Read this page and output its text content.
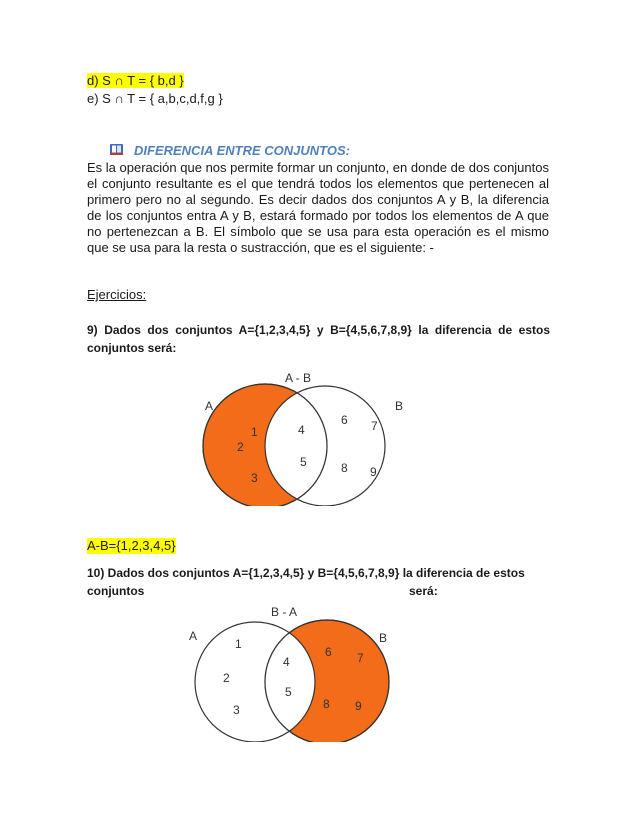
d) S ∩ T = { b,d }
e) S ∩ T = { a,b,c,d,f,g }
DIFERENCIA ENTRE CONJUNTOS:

Es la operación que nos permite formar un conjunto, en donde de dos conjuntos el conjunto resultante es el que tendrá todos los elementos que pertenecen al primero pero no al segundo. Es decir dados dos conjuntos A y B, la diferencia de los conjuntos entra A y B, estará formado por todos los elementos de A que no pertenezcan a B. El símbolo que se usa para esta operación es el mismo que se usa para la resta o sustracción, que es el siguiente: -

Ejercicios:

9) Dados dos conjuntos A={1,2,3,4,5} y B={4,5,6,7,8,9} la diferencia de estos conjuntos será:

A - B
A	B
1
2
3
4
5
6 7
8 9
A-B={1,2,3,4,5}
10) Dados dos conjuntos A={1,2,3,4,5} y B={4,5,6,7,8,9} la diferencia de estos
conjuntos	será:
B - A
A	B
1
2
3
4
5
6 7
8 9
